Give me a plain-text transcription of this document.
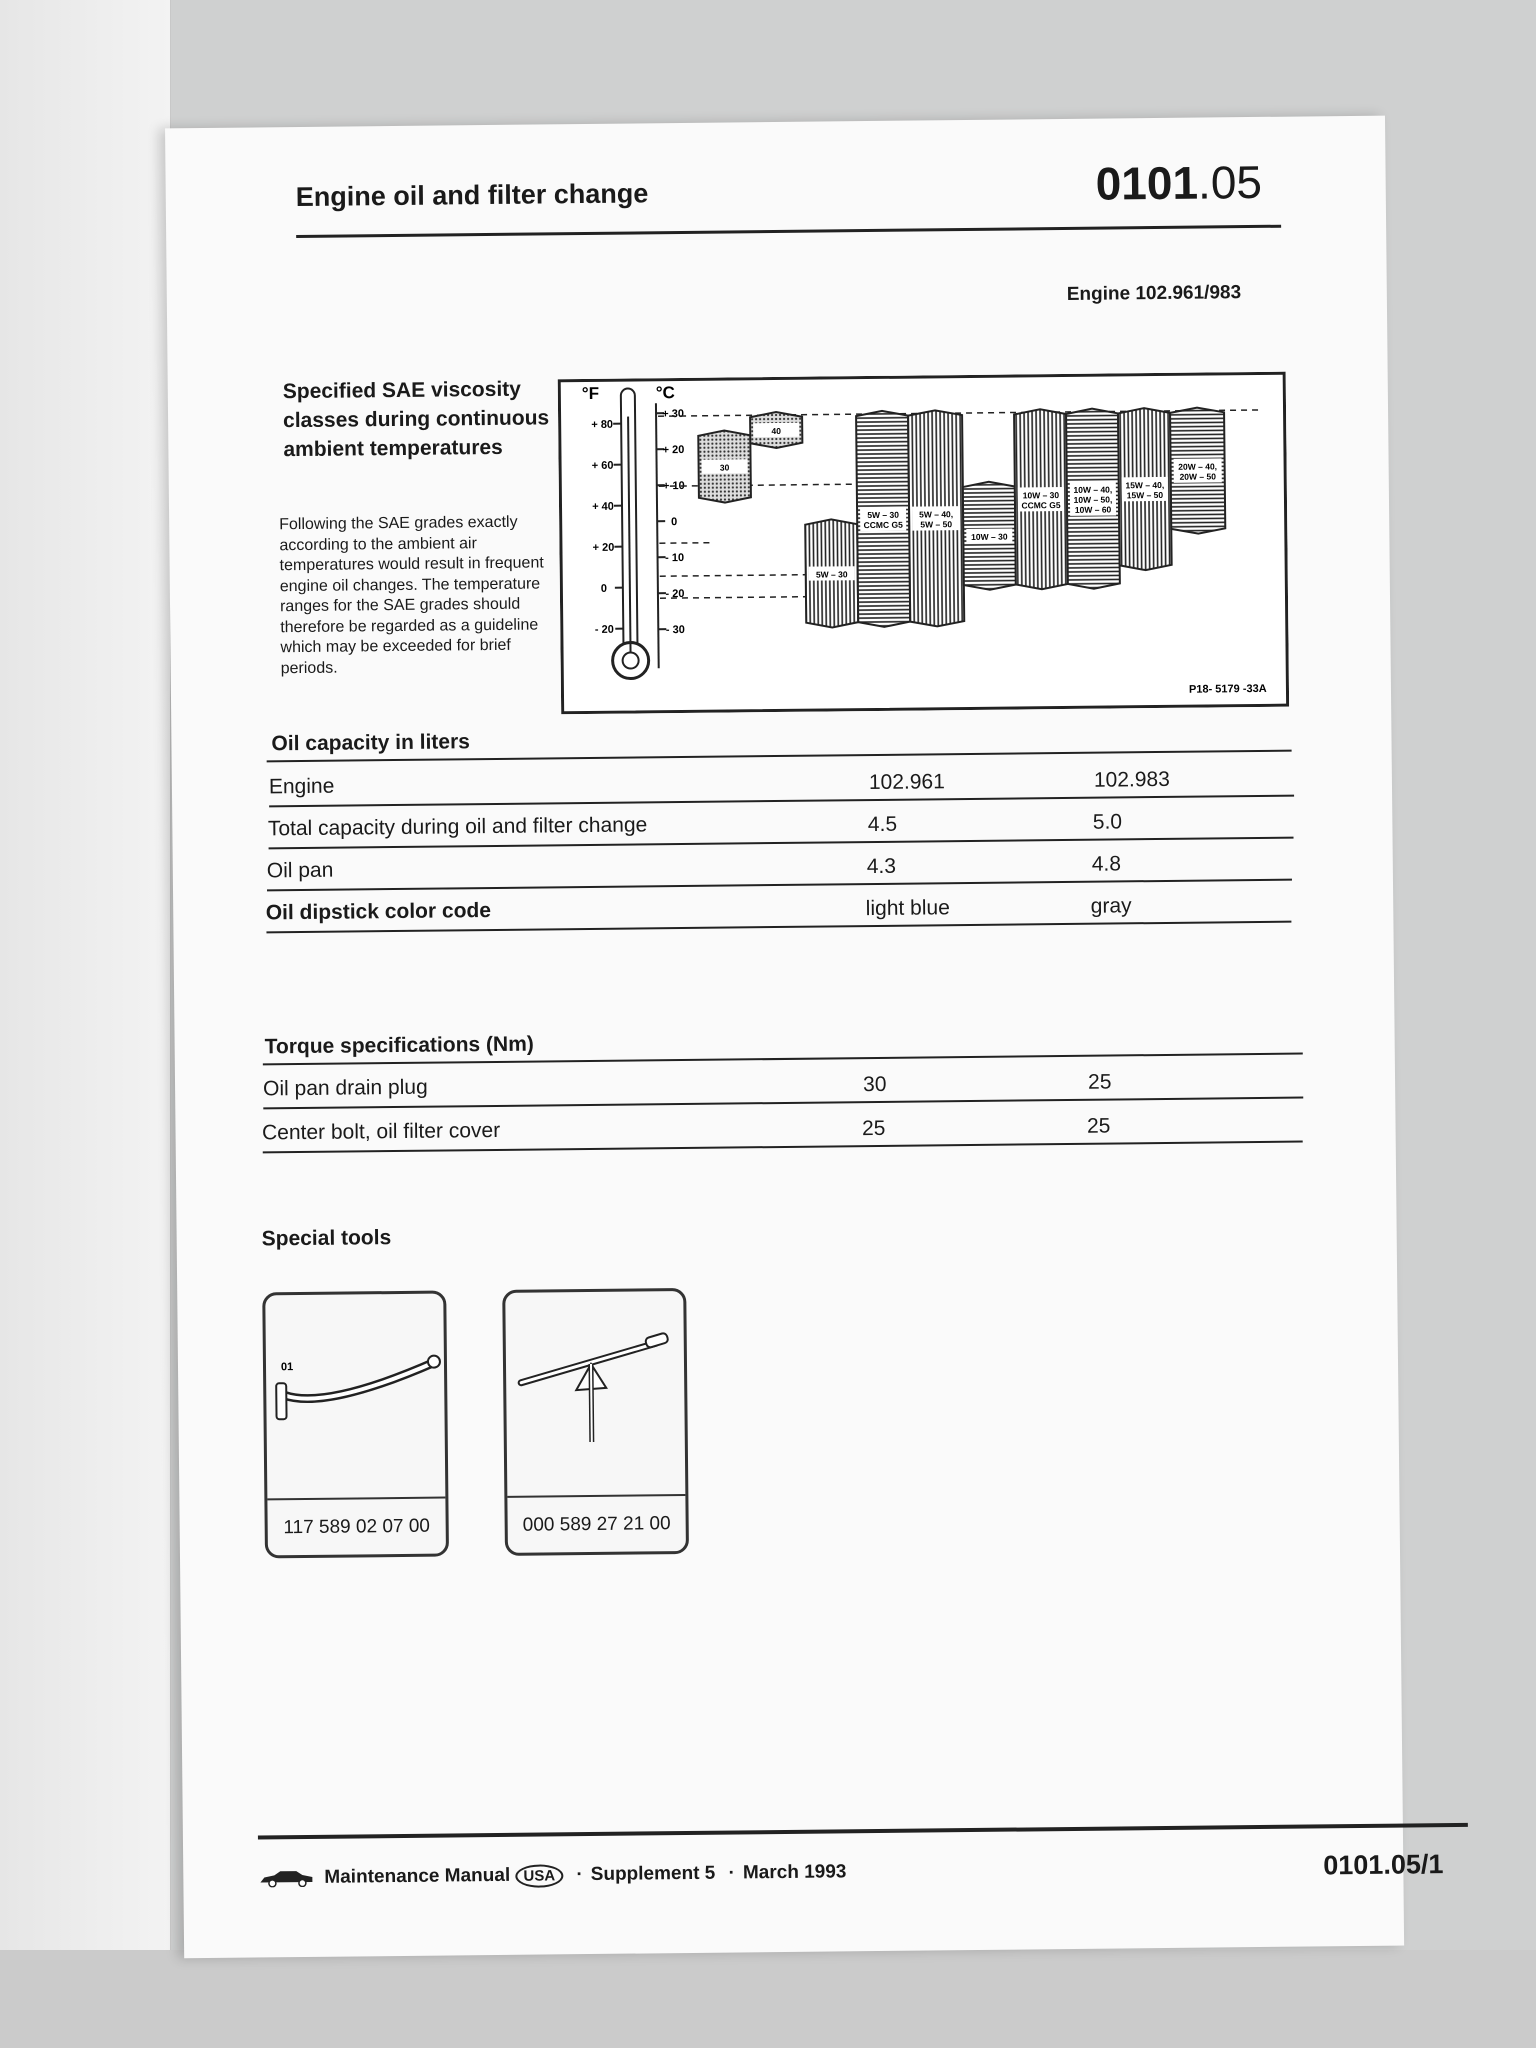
Engine oil and filter change	0101.05
Engine 102.961/983
Specified SAE viscosity classes during continuous ambient temperatures
Following the SAE grades exactly according to the ambient air temperatures would result in frequent engine oil changes. The temperature ranges for the SAE grades should therefore be regarded as a guideline which may be exceeded for brief periods.
°F	°C
+ 80
+ 60
+ 40
+ 20
0
- 20
+ 30
+ 20
+ 10
0
- 10
- 20
- 30
30
40
5W – 30
5W – 30
CCMC G5
5W – 40,
5W – 50
10W – 30
10W – 30
CCMC G5
10W – 40,
10W – 50,
10W – 60
15W – 40,
15W – 50
20W – 40,
20W – 50
P18- 5179 -33A
Oil capacity in liters
Engine	102.961	102.983
Total capacity during oil and filter change	4.5	5.0
Oil pan	4.3	4.8
Oil dipstick color code	light blue	gray
Torque specifications (Nm)
Oil pan drain plug	30	25
Center bolt, oil filter cover	25	25
Special tools
01
117 589 02 07 00	000 589 27 21 00
Maintenance Manual USA · Supplement 5 · March 1993	0101.05/1
